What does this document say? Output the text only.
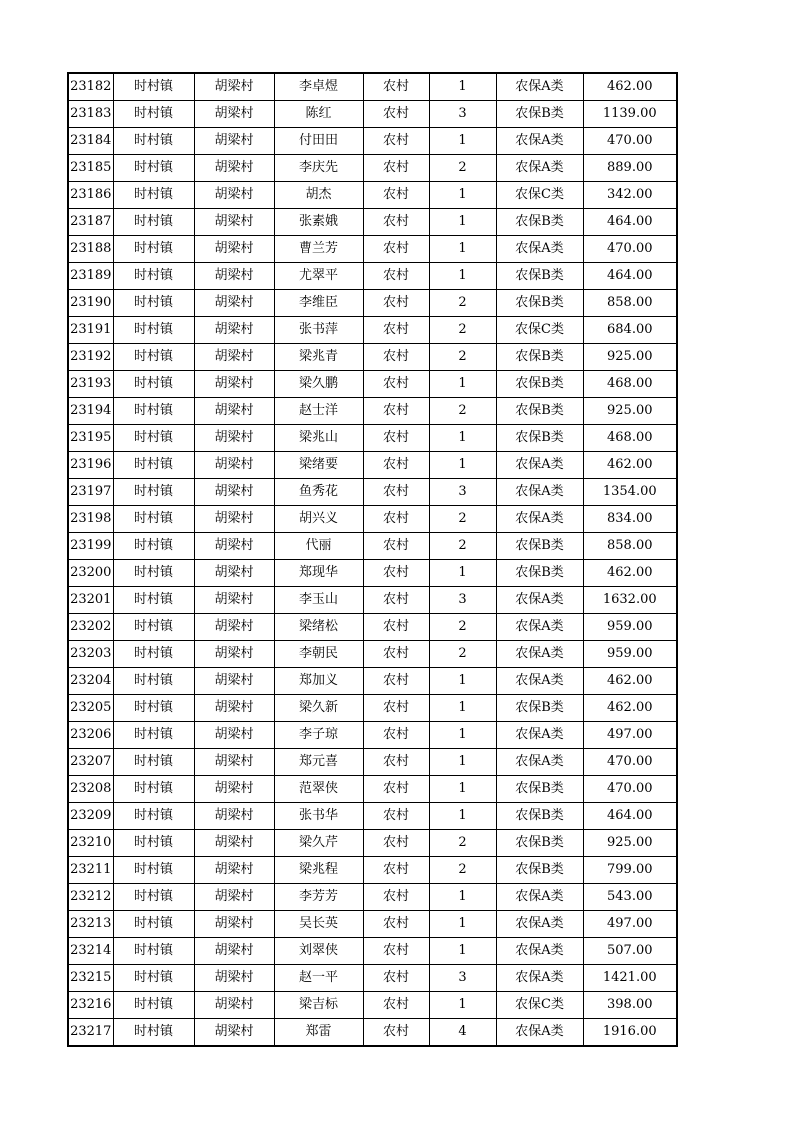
23182	时村镇	胡梁村	李卓煜	农村	1	农保A类	462.00
23183	时村镇	胡梁村	陈红	农村	3	农保B类	1139.00
23184	时村镇	胡梁村	付田田	农村	1	农保A类	470.00
23185	时村镇	胡梁村	李庆先	农村	2	农保A类	889.00
23186	时村镇	胡梁村	胡杰	农村	1	农保C类	342.00
23187	时村镇	胡梁村	张素娥	农村	1	农保B类	464.00
23188	时村镇	胡梁村	曹兰芳	农村	1	农保A类	470.00
23189	时村镇	胡梁村	尤翠平	农村	1	农保B类	464.00
23190	时村镇	胡梁村	李维臣	农村	2	农保B类	858.00
23191	时村镇	胡梁村	张书萍	农村	2	农保C类	684.00
23192	时村镇	胡梁村	梁兆青	农村	2	农保B类	925.00
23193	时村镇	胡梁村	梁久鹏	农村	1	农保B类	468.00
23194	时村镇	胡梁村	赵士洋	农村	2	农保B类	925.00
23195	时村镇	胡梁村	梁兆山	农村	1	农保B类	468.00
23196	时村镇	胡梁村	梁绪要	农村	1	农保A类	462.00
23197	时村镇	胡梁村	鱼秀花	农村	3	农保A类	1354.00
23198	时村镇	胡梁村	胡兴义	农村	2	农保A类	834.00
23199	时村镇	胡梁村	代丽	农村	2	农保B类	858.00
23200	时村镇	胡梁村	郑现华	农村	1	农保B类	462.00
23201	时村镇	胡梁村	李玉山	农村	3	农保A类	1632.00
23202	时村镇	胡梁村	梁绪松	农村	2	农保A类	959.00
23203	时村镇	胡梁村	李朝民	农村	2	农保A类	959.00
23204	时村镇	胡梁村	郑加义	农村	1	农保A类	462.00
23205	时村镇	胡梁村	梁久新	农村	1	农保B类	462.00
23206	时村镇	胡梁村	李子琼	农村	1	农保A类	497.00
23207	时村镇	胡梁村	郑元喜	农村	1	农保A类	470.00
23208	时村镇	胡梁村	范翠侠	农村	1	农保B类	470.00
23209	时村镇	胡梁村	张书华	农村	1	农保B类	464.00
23210	时村镇	胡梁村	梁久芹	农村	2	农保B类	925.00
23211	时村镇	胡梁村	梁兆程	农村	2	农保B类	799.00
23212	时村镇	胡梁村	李芳芳	农村	1	农保A类	543.00
23213	时村镇	胡梁村	吴长英	农村	1	农保A类	497.00
23214	时村镇	胡梁村	刘翠侠	农村	1	农保A类	507.00
23215	时村镇	胡梁村	赵一平	农村	3	农保A类	1421.00
23216	时村镇	胡梁村	梁吉标	农村	1	农保C类	398.00
23217	时村镇	胡梁村	郑雷	农村	4	农保A类	1916.00
